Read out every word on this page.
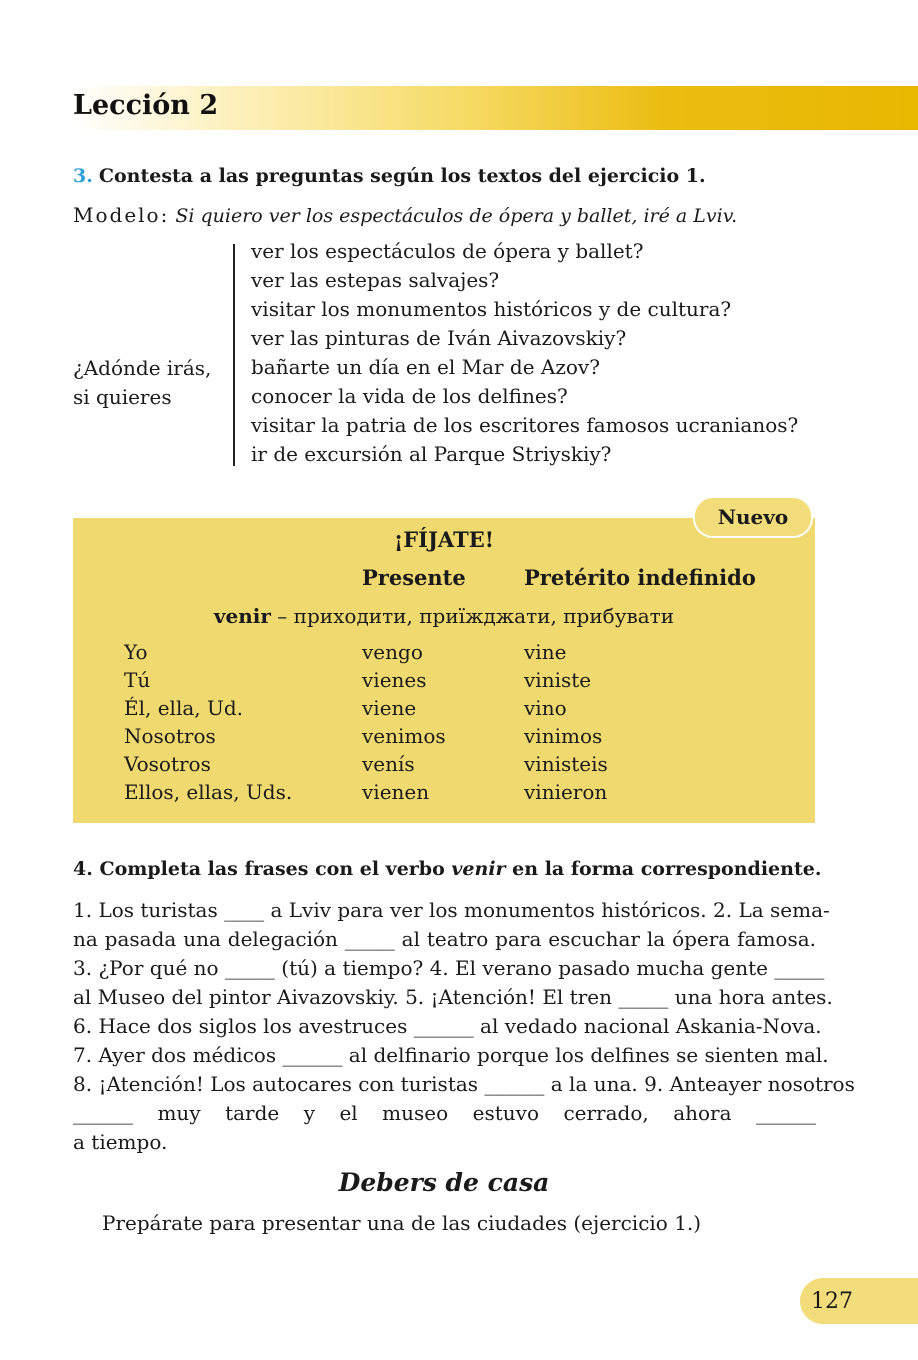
Lección 2
3. Contesta a las preguntas según los textos del ejercicio 1.
Modelo: Si quiero ver los espectáculos de ópera y ballet, iré a Lviv.
¿Adónde irás,
si quieres
ver los espectáculos de ópera y ballet?
ver las estepas salvajes?
visitar los monumentos históricos y de cultura?
ver las pinturas de Iván Aivazovskiy?
bañarte un día en el Mar de Azov?
conocer la vida de los delfines?
visitar la patria de los escritores famosos ucranianos?
ir de excursión al Parque Striyskiy?
Nuevo
¡FÍJATE!
Presente	Pretérito indefinido
venir – приходити, приїжджати, прибувати
Yo
Tú
Él, ella, Ud.
Nosotros
Vosotros
Ellos, ellas, Uds.
vengo
vienes
viene
venimos
venís
vienen
vine
viniste
vino
vinimos
vinisteis
vinieron
4. Completa las frases con el verbo venir en la forma correspondiente.
1. Los turistas ____ a Lviv para ver los monumentos históricos. 2. La sema-
na pasada una delegación _____ al teatro para escuchar la ópera famosa.
3. ¿Por qué no _____ (tú) a tiempo? 4. El verano pasado mucha gente _____
al Museo del pintor Aivazovskiy. 5. ¡Atención! El tren _____ una hora antes.
6. Hace dos siglos los avestruces ______ al vedado nacional Askania-Nova.
7. Ayer dos médicos ______ al delfinario porque los delfines se sienten mal.
8. ¡Atención! Los autocares con turistas ______ a la una. 9. Anteayer nosotros
______ muy tarde y el museo estuvo cerrado, ahora ______
a tiempo.
Debers de casa
Prepárate para presentar una de las ciudades (ejercicio 1.)
127
